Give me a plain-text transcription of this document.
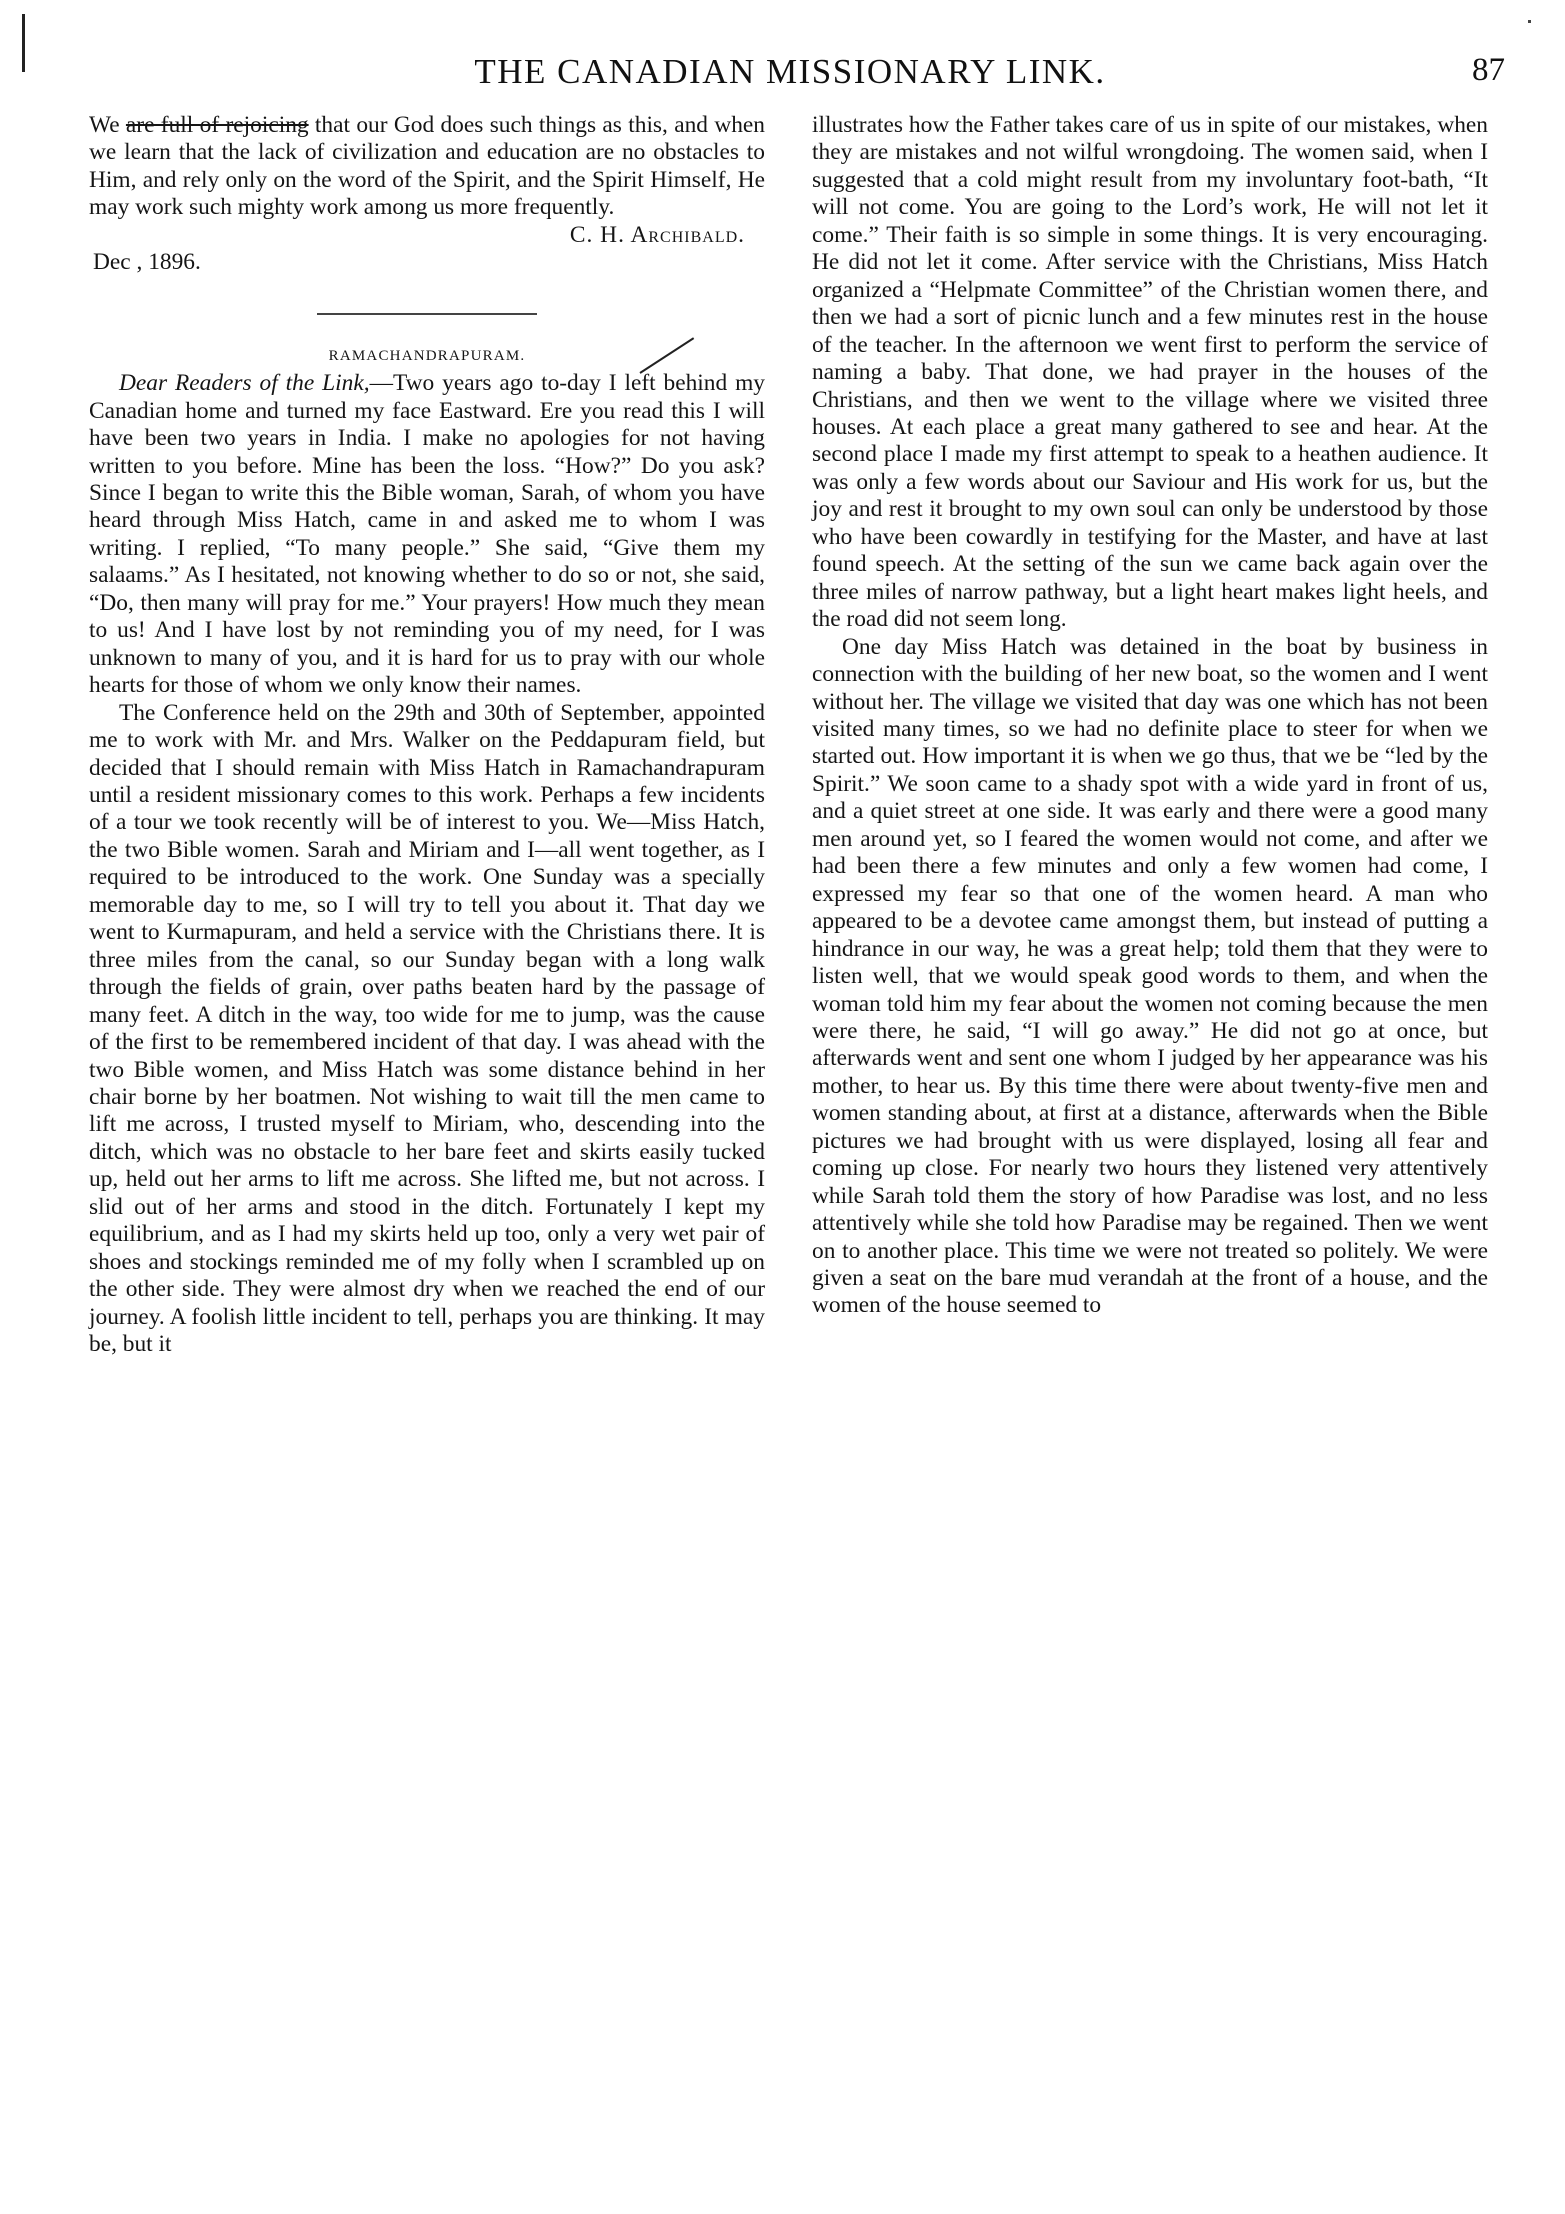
THE CANADIAN MISSIONARY LINK.	87

We are full of rejoicing that our God does such things as this, and when we learn that the lack of civilization and education are no obstacles to Him, and rely only on the word of the Spirit, and the Spirit Himself, He may work such mighty work among us more frequently.

C. H. Archibald.

Dec , 1896.

RAMACHANDRAPURAM.

Dear Readers of the Link,—Two years ago to-day I left behind my Canadian home and turned my face Eastward. Ere you read this I will have been two years in India. I make no apologies for not having written to you before. Mine has been the loss. “How?” Do you ask? Since I began to write this the Bible woman, Sarah, of whom you have heard through Miss Hatch, came in and asked me to whom I was writing. I replied, “To many people.” She said, “Give them my salaams.” As I hesitated, not knowing whether to do so or not, she said, “Do, then many will pray for me.” Your prayers! How much they mean to us! And I have lost by not reminding you of my need, for I was unknown to many of you, and it is hard for us to pray with our whole hearts for those of whom we only know their names.

The Conference held on the 29th and 30th of September, appointed me to work with Mr. and Mrs. Walker on the Peddapuram field, but decided that I should remain with Miss Hatch in Ramachandrapuram until a resident missionary comes to this work. Perhaps a few incidents of a tour we took recently will be of interest to you. We—Miss Hatch, the two Bible women. Sarah and Miriam and I—all went together, as I required to be introduced to the work. One Sunday was a specially memorable day to me, so I will try to tell you about it. That day we went to Kurmapuram, and held a service with the Christians there. It is three miles from the canal, so our Sunday began with a long walk through the fields of grain, over paths beaten hard by the passage of many feet. A ditch in the way, too wide for me to jump, was the cause of the first to be remembered incident of that day. I was ahead with the two Bible women, and Miss Hatch was some distance behind in her chair borne by her boatmen. Not wishing to wait till the men came to lift me across, I trusted myself to Miriam, who, descending into the ditch, which was no obstacle to her bare feet and skirts easily tucked up, held out her arms to lift me across. She lifted me, but not across. I slid out of her arms and stood in the ditch. Fortunately I kept my equilibrium, and as I had my skirts held up too, only a very wet pair of shoes and stockings reminded me of my folly when I scrambled up on the other side. They were almost dry when we reached the end of our journey. A foolish little incident to tell, perhaps you are thinking. It may be, but it

illustrates how the Father takes care of us in spite of our mistakes, when they are mistakes and not wilful wrongdoing. The women said, when I suggested that a cold might result from my involuntary foot-bath, “It will not come. You are going to the Lord’s work, He will not let it come.” Their faith is so simple in some things. It is very encouraging. He did not let it come. After service with the Christians, Miss Hatch organized a “Helpmate Committee” of the Christian women there, and then we had a sort of picnic lunch and a few minutes rest in the house of the teacher. In the afternoon we went first to perform the service of naming a baby. That done, we had prayer in the houses of the Christians, and then we went to the village where we visited three houses. At each place a great many gathered to see and hear. At the second place I made my first attempt to speak to a heathen audience. It was only a few words about our Saviour and His work for us, but the joy and rest it brought to my own soul can only be understood by those who have been cowardly in testifying for the Master, and have at last found speech. At the setting of the sun we came back again over the three miles of narrow pathway, but a light heart makes light heels, and the road did not seem long.

One day Miss Hatch was detained in the boat by business in connection with the building of her new boat, so the women and I went without her. The village we visited that day was one which has not been visited many times, so we had no definite place to steer for when we started out. How important it is when we go thus, that we be “led by the Spirit.” We soon came to a shady spot with a wide yard in front of us, and a quiet street at one side. It was early and there were a good many men around yet, so I feared the women would not come, and after we had been there a few minutes and only a few women had come, I expressed my fear so that one of the women heard. A man who appeared to be a devotee came amongst them, but instead of putting a hindrance in our way, he was a great help; told them that they were to listen well, that we would speak good words to them, and when the woman told him my fear about the women not coming because the men were there, he said, “I will go away.” He did not go at once, but afterwards went and sent one whom I judged by her appearance was his mother, to hear us. By this time there were about twenty-five men and women standing about, at first at a distance, afterwards when the Bible pictures we had brought with us were displayed, losing all fear and coming up close. For nearly two hours they listened very attentively while Sarah told them the story of how Paradise was lost, and no less attentively while she told how Paradise may be regained. Then we went on to another place. This time we were not treated so politely. We were given a seat on the bare mud verandah at the front of a house, and the women of the house seemed to
